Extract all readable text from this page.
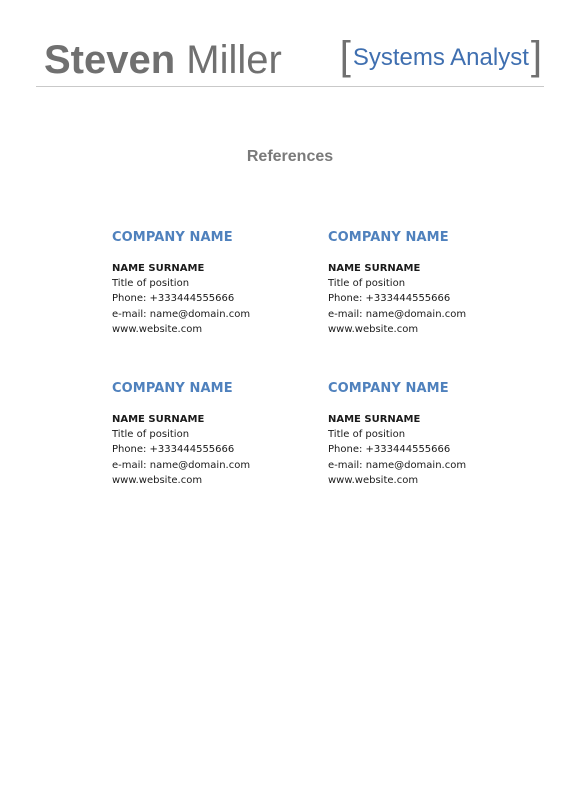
Steven Miller [Systems Analyst]
References
COMPANY NAME
NAME SURNAME
Title of position
Phone: +333444555666
e-mail: name@domain.com
www.website.com
COMPANY NAME
NAME SURNAME
Title of position
Phone: +333444555666
e-mail: name@domain.com
www.website.com
COMPANY NAME
NAME SURNAME
Title of position
Phone: +333444555666
e-mail: name@domain.com
www.website.com
COMPANY NAME
NAME SURNAME
Title of position
Phone: +333444555666
e-mail: name@domain.com
www.website.com
